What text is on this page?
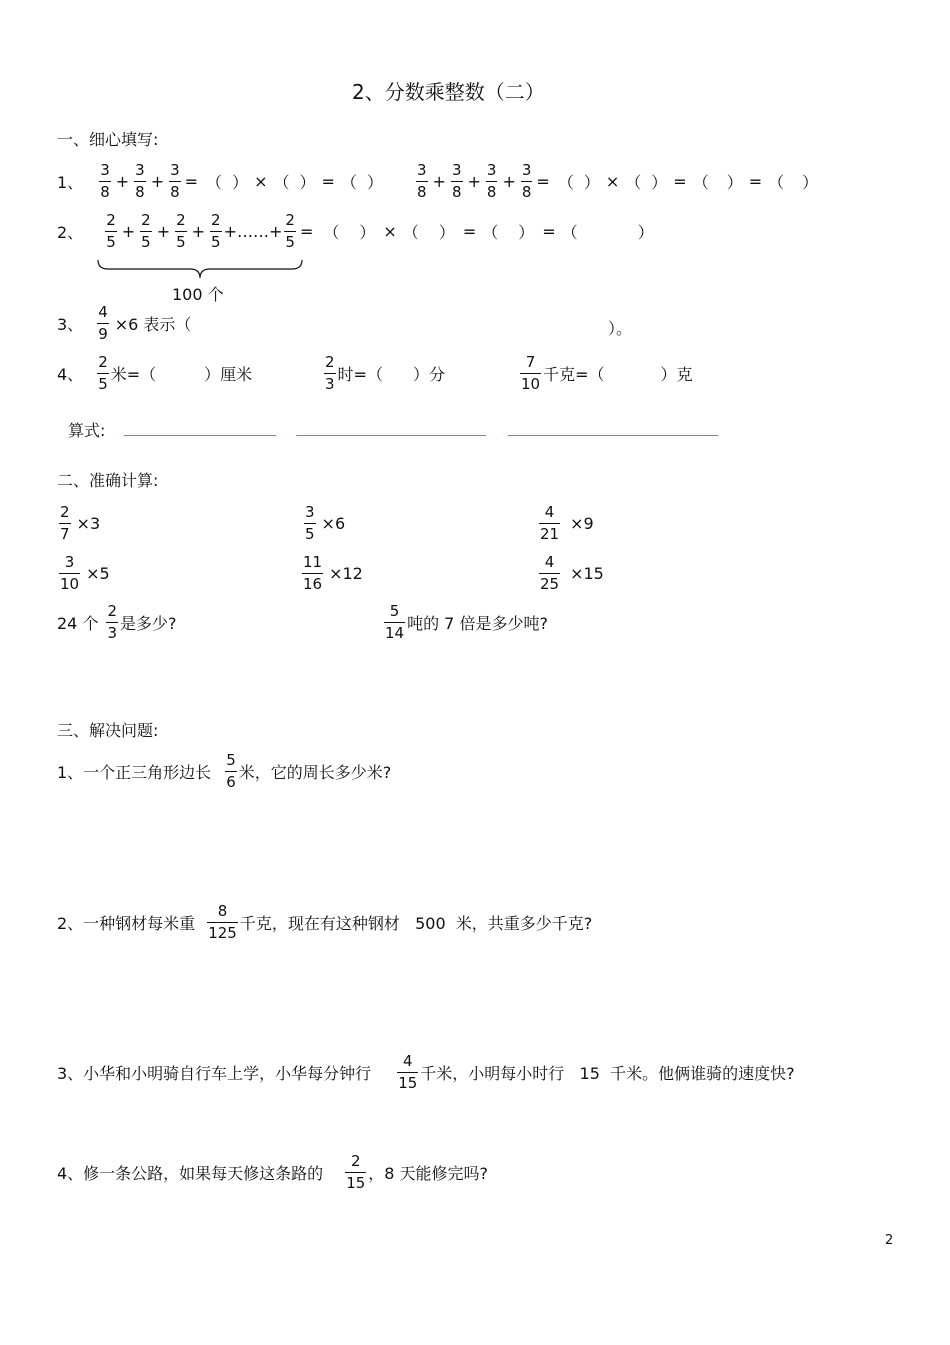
2、分数乘整数（二）
一、细心填写:
1、 $\frac{3}{8} + \frac{3}{8} + \frac{3}{8}$ = （ ） × （ ） = （ ） $\frac{3}{8} + \frac{3}{8} + \frac{3}{8} + \frac{3}{8}$ = （ ） × （ ） = （ ） = （ ）
2、 $\frac{2}{5} + \frac{2}{5} + \frac{2}{5} + \frac{2}{5}$ +……+ $\frac{2}{5}$ = （ ） × （ ） = （ ） = （	）
100 个
3、 $\frac{4}{9} \times 6$ 表示（	）。
4、 $\frac{2}{5}$ 米=（	）厘米	$\frac{2}{3}$ 时=（ ）分	$\frac{7}{10}$ 千克=（	）克
算式:
二、准确计算:
$\frac{2}{7} \times 3$	$\frac{3}{5} \times 6$	$\frac{4}{21} \times 9$
$\frac{3}{10} \times 5$	$\frac{11}{16} \times 12$	$\frac{4}{25} \times 15$
24 个 $\frac{2}{3}$ 是多少?	$\frac{5}{14}$ 吨的 7 倍是多少吨?
三、解决问题:
1、一个正三角形边长 $\frac{5}{6}$ 米，它的周长多少米?
2、一种钢材每米重 $\frac{8}{125}$ 千克，现在有这种钢材   500  米，共重多少千克?
3、小华和小明骑自行车上学，小华每分钟行 $\frac{4}{15}$ 千米，小明每小时行   15  千米。他俩谁骑的速度快?
4、修一条公路，如果每天修这条路的 $\frac{2}{15}$ ，8 天能修完吗?
2
